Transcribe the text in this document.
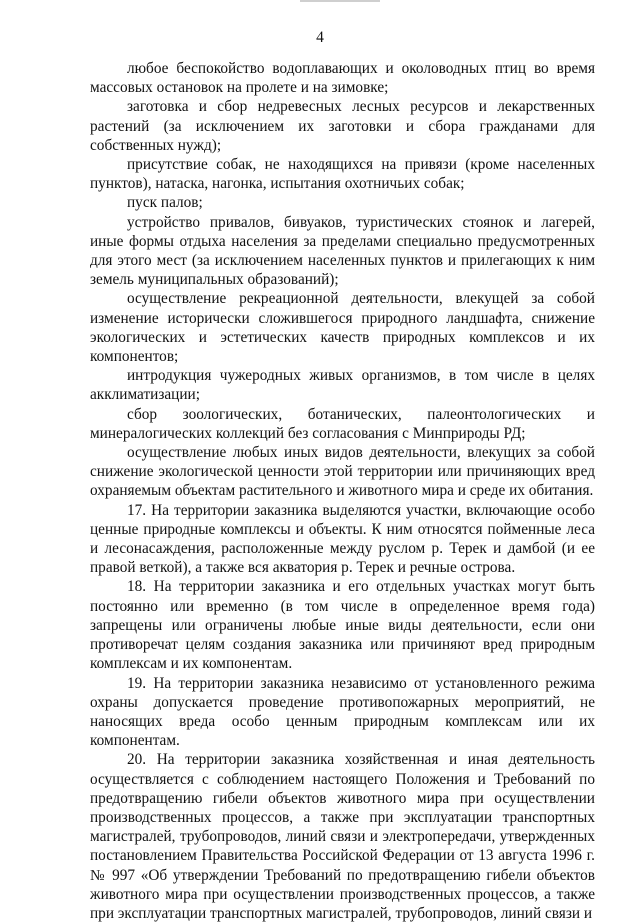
4

любое беспокойство водоплавающих и околоводных птиц во время массовых остановок на пролете и на зимовке;

заготовка и сбор недревесных лесных ресурсов и лекарственных растений (за исключением их заготовки и сбора гражданами для собственных нужд);

присутствие собак, не находящихся на привязи (кроме населенных пунктов), натаска, нагонка, испытания охотничьих собак;

пуск палов;

устройство привалов, бивуаков, туристических стоянок и лагерей, иные формы отдыха населения за пределами специально предусмотренных для этого мест (за исключением населенных пунктов и прилегающих к ним земель муниципальных образований);

осуществление рекреационной деятельности, влекущей за собой изменение исторически сложившегося природного ландшафта, снижение экологических и эстетических качеств природных комплексов и их компонентов;

интродукция чужеродных живых организмов, в том числе в целях акклиматизации;

сбор зоологических, ботанических, палеонтологических и минералогических коллекций без согласования с Минприроды РД;

осуществление любых иных видов деятельности, влекущих за собой снижение экологической ценности этой территории или причиняющих вред охраняемым объектам растительного и животного мира и среде их обитания.

17. На территории заказника выделяются участки, включающие особо ценные природные комплексы и объекты. К ним относятся пойменные леса и лесонасаждения, расположенные между руслом р. Терек и дамбой (и ее правой веткой), а также вся акватория р. Терек и речные острова.

18. На территории заказника и его отдельных участках могут быть постоянно или временно (в том числе в определенное время года) запрещены или ограничены любые иные виды деятельности, если они противоречат целям создания заказника или причиняют вред природным комплексам и их компонентам.

19. На территории заказника независимо от установленного режима охраны допускается проведение противопожарных мероприятий, не наносящих вреда особо ценным природным комплексам или их компонентам.

20. На территории заказника хозяйственная и иная деятельность осуществляется с соблюдением настоящего Положения и Требований по предотвращению гибели объектов животного мира при осуществлении производственных процессов, а также при эксплуатации транспортных магистралей, трубопроводов, линий связи и электропередачи, утвержденных постановлением Правительства Российской Федерации от 13 августа 1996 г. № 997 «Об утверждении Требований по предотвращению гибели объектов животного мира при осуществлении производственных процессов, а также при эксплуатации транспортных магистралей, трубопроводов, линий связи и
